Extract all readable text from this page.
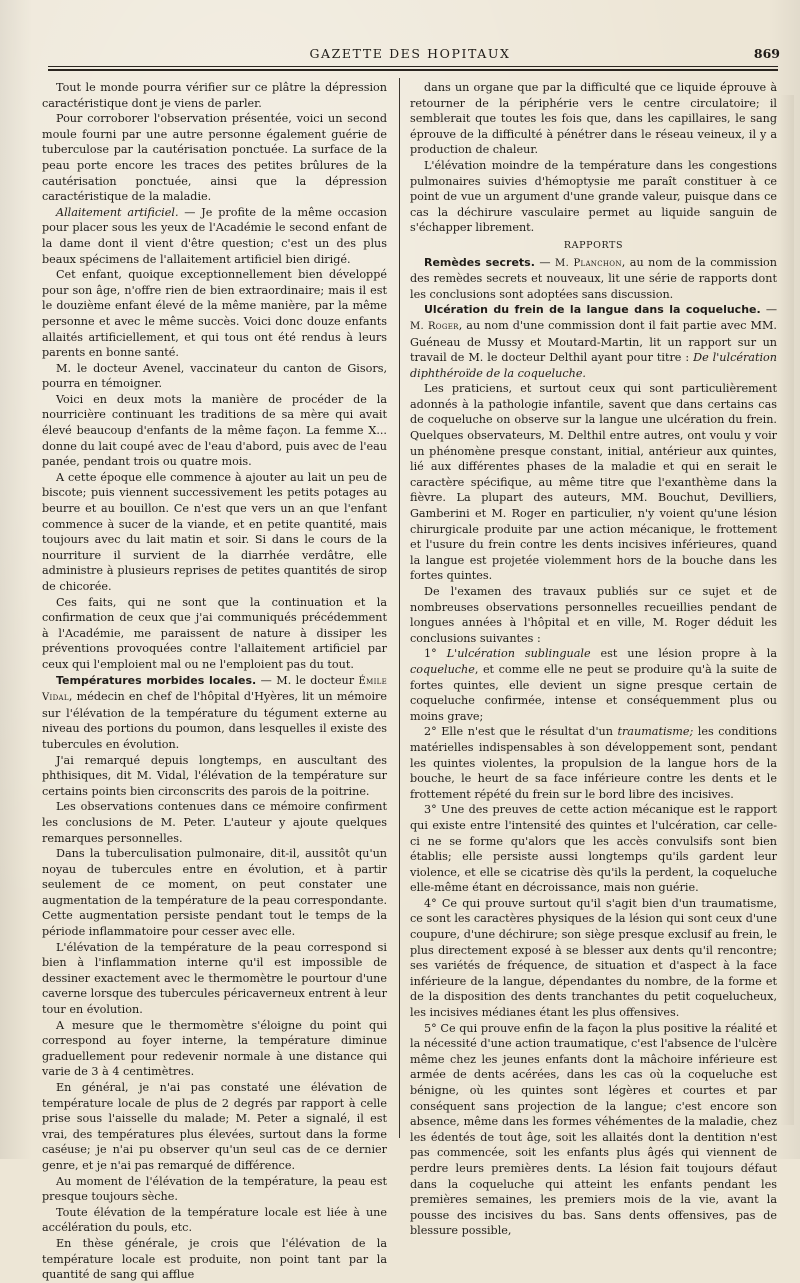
GAZETTE DES HOPITAUX	869

Tout le monde pourra vérifier sur ce plâtre la dépression caractéristique dont je viens de parler.

Pour corroborer l'observation présentée, voici un second moule fourni par une autre personne également guérie de tuberculose par la cautérisation ponctuée. La surface de la peau porte encore les traces des petites brûlures de la cautérisation ponctuée, ainsi que la dépression caractéristique de la maladie.

Allaitement artificiel. — Je profite de la même occasion pour placer sous les yeux de l'Académie le second enfant de la dame dont il vient d'être question; c'est un des plus beaux spécimens de l'allaitement artificiel bien dirigé.

Cet enfant, quoique exceptionnellement bien développé pour son âge, n'offre rien de bien extraordinaire; mais il est le douzième enfant élevé de la même manière, par la même personne et avec le même succès. Voici donc douze enfants allaités artificiellement, et qui tous ont été rendus à leurs parents en bonne santé.

M. le docteur Avenel, vaccinateur du canton de Gisors, pourra en témoigner.

Voici en deux mots la manière de procéder de la nourricière continuant les traditions de sa mère qui avait élevé beaucoup d'enfants de la même façon. La femme X... donne du lait coupé avec de l'eau d'abord, puis avec de l'eau panée, pendant trois ou quatre mois.

A cette époque elle commence à ajouter au lait un peu de biscote; puis viennent successivement les petits potages au beurre et au bouillon. Ce n'est que vers un an que l'enfant commence à sucer de la viande, et en petite quantité, mais toujours avec du lait matin et soir. Si dans le cours de la nourriture il survient de la diarrhée verdâtre, elle administre à plusieurs reprises de petites quantités de sirop de chicorée.

Ces faits, qui ne sont que la continuation et la confirmation de ceux que j'ai communiqués précédemment à l'Académie, me paraissent de nature à dissiper les préventions provoquées contre l'allaitement artificiel par ceux qui l'emploient mal ou ne l'emploient pas du tout.

Températures morbides locales. — M. le docteur Émile Vidal, médecin en chef de l'hôpital d'Hyères, lit un mémoire sur l'élévation de la température du tégument externe au niveau des portions du poumon, dans lesquelles il existe des tubercules en évolution.

J'ai remarqué depuis longtemps, en auscultant des phthisiques, dit M. Vidal, l'élévation de la température sur certains points bien circonscrits des parois de la poitrine.

Les observations contenues dans ce mémoire confirment les conclusions de M. Peter. L'auteur y ajoute quelques remarques personnelles.

Dans la tuberculisation pulmonaire, dit-il, aussitôt qu'un noyau de tubercules entre en évolution, et à partir seulement de ce moment, on peut constater une augmentation de la température de la peau correspondante. Cette augmentation persiste pendant tout le temps de la période inflammatoire pour cesser avec elle.

L'élévation de la température de la peau correspond si bien à l'inflammation interne qu'il est impossible de dessiner exactement avec le thermomètre le pourtour d'une caverne lorsque des tubercules péricaverneux entrent à leur tour en évolution.

A mesure que le thermomètre s'éloigne du point qui correspond au foyer interne, la température diminue graduellement pour redevenir normale à une distance qui varie de 3 à 4 centimètres.

En général, je n'ai pas constaté une élévation de température locale de plus de 2 degrés par rapport à celle prise sous l'aisselle du malade; M. Peter a signalé, il est vrai, des températures plus élevées, surtout dans la forme caséuse; je n'ai pu observer qu'un seul cas de ce dernier genre, et je n'ai pas remarqué de différence.

Au moment de l'élévation de la température, la peau est presque toujours sèche.

Toute élévation de la température locale est liée à une accélération du pouls, etc.

En thèse générale, je crois que l'élévation de la température locale est produite, non point tant par la quantité de sang qui afflue

dans un organe que par la difficulté que ce liquide éprouve à retourner de la périphérie vers le centre circulatoire; il semblerait que toutes les fois que, dans les capillaires, le sang éprouve de la difficulté à pénétrer dans le réseau veineux, il y a production de chaleur.

L'élévation moindre de la température dans les congestions pulmonaires suivies d'hémoptysie me paraît constituer à ce point de vue un argument d'une grande valeur, puisque dans ce cas la déchirure vasculaire permet au liquide sanguin de s'échapper librement.

RAPPORTS

Remèdes secrets. — M. Planchon, au nom de la commission des remèdes secrets et nouveaux, lit une série de rapports dont les conclusions sont adoptées sans discussion.

Ulcération du frein de la langue dans la coqueluche. — M. Roger, au nom d'une commission dont il fait partie avec MM. Guéneau de Mussy et Moutard-Martin, lit un rapport sur un travail de M. le docteur Delthil ayant pour titre : De l'ulcération diphthéroïde de la coqueluche.

Les praticiens, et surtout ceux qui sont particulièrement adonnés à la pathologie infantile, savent que dans certains cas de coqueluche on observe sur la langue une ulcération du frein. Quelques observateurs, M. Delthil entre autres, ont voulu y voir un phénomène presque constant, initial, antérieur aux quintes, lié aux différentes phases de la maladie et qui en serait le caractère spécifique, au même titre que l'exanthème dans la fièvre. La plupart des auteurs, MM. Bouchut, Devilliers, Gamberini et M. Roger en particulier, n'y voient qu'une lésion chirurgicale produite par une action mécanique, le frottement et l'usure du frein contre les dents incisives inférieures, quand la langue est projetée violemment hors de la bouche dans les fortes quintes.

De l'examen des travaux publiés sur ce sujet et de nombreuses observations personnelles recueillies pendant de longues années à l'hôpital et en ville, M. Roger déduit les conclusions suivantes :

1° L'ulcération sublinguale est une lésion propre à la coqueluche, et comme elle ne peut se produire qu'à la suite de fortes quintes, elle devient un signe presque certain de coqueluche confirmée, intense et conséquemment plus ou moins grave;

2° Elle n'est que le résultat d'un traumatisme; les conditions matérielles indispensables à son développement sont, pendant les quintes violentes, la propulsion de la langue hors de la bouche, le heurt de sa face inférieure contre les dents et le frottement répété du frein sur le bord libre des incisives.

3° Une des preuves de cette action mécanique est le rapport qui existe entre l'intensité des quintes et l'ulcération, car celle-ci ne se forme qu'alors que les accès convulsifs sont bien établis; elle persiste aussi longtemps qu'ils gardent leur violence, et elle se cicatrise dès qu'ils la perdent, la coqueluche elle-même étant en décroissance, mais non guérie.

4° Ce qui prouve surtout qu'il s'agit bien d'un traumatisme, ce sont les caractères physiques de la lésion qui sont ceux d'une coupure, d'une déchirure; son siège presque exclusif au frein, le plus directement exposé à se blesser aux dents qu'il rencontre; ses variétés de fréquence, de situation et d'aspect à la face inférieure de la langue, dépendantes du nombre, de la forme et de la disposition des dents tranchantes du petit coquelucheux, les incisives médianes étant les plus offensives.

5° Ce qui prouve enfin de la façon la plus positive la réalité et la nécessité d'une action traumatique, c'est l'absence de l'ulcère même chez les jeunes enfants dont la mâchoire inférieure est armée de dents acérées, dans les cas où la coqueluche est bénigne, où les quintes sont légères et courtes et par conséquent sans projection de la langue; c'est encore son absence, même dans les formes véhémentes de la maladie, chez les édentés de tout âge, soit les allaités dont la dentition n'est pas commencée, soit les enfants plus âgés qui viennent de perdre leurs premières dents. La lésion fait toujours défaut dans la coqueluche qui atteint les enfants pendant les premières semaines, les premiers mois de la vie, avant la pousse des incisives du bas. Sans dents offensives, pas de blessure possible,
